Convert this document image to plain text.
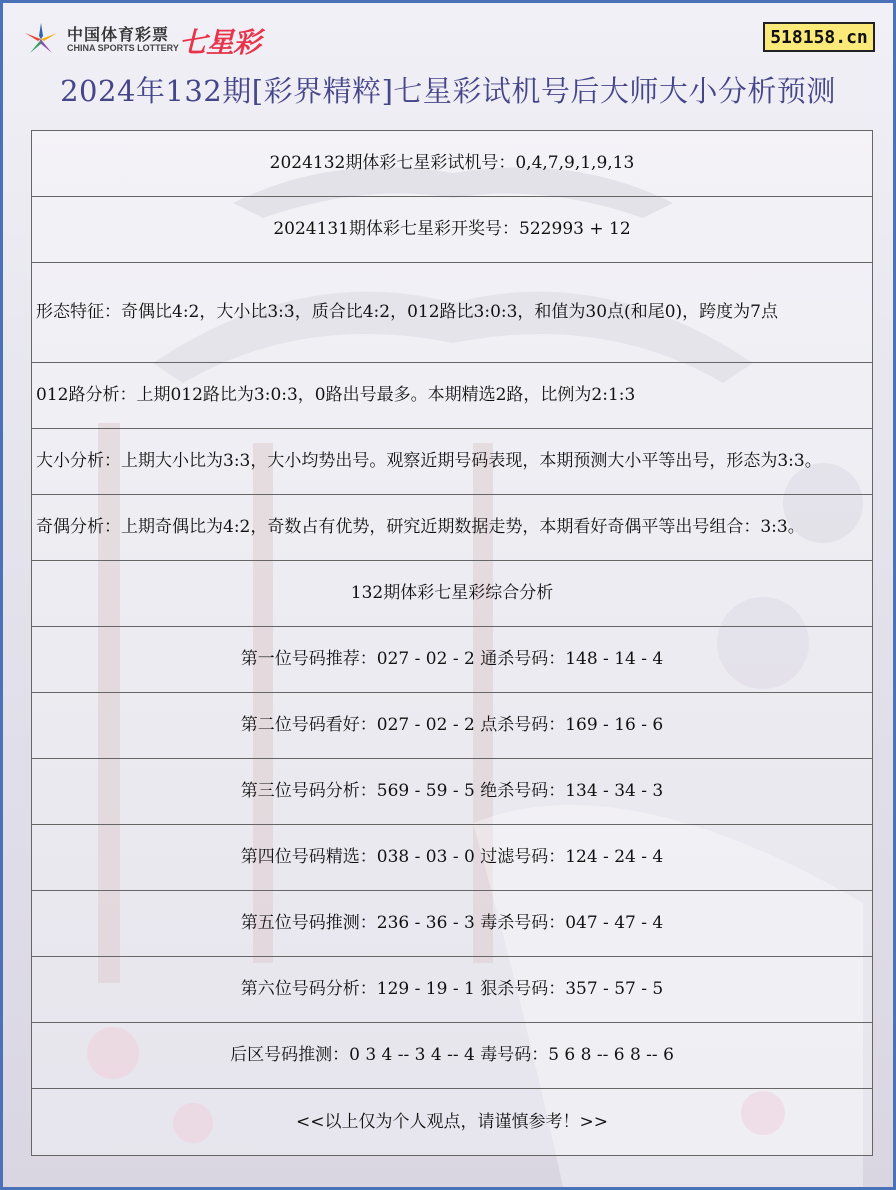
中国体育彩票
CHINA SPORTS LOTTERY 七星彩	518158.cn
2024年132期[彩界精粹]七星彩试机号后大师大小分析预测
2024132期体彩七星彩试机号：0,4,7,9,1,9,13
2024131期体彩七星彩开奖号：522993 + 12
形态特征：奇偶比4:2，大小比3:3，质合比4:2，012路比3:0:3，和值为30点(和尾0)，跨度为7点
012路分析：上期012路比为3:0:3，0路出号最多。本期精选2路，比例为2:1:3
大小分析：上期大小比为3:3，大小均势出号。观察近期号码表现，本期预测大小平等出号，形态为3:3。
奇偶分析：上期奇偶比为4:2，奇数占有优势，研究近期数据走势，本期看好奇偶平等出号组合：3:3。
132期体彩七星彩综合分析
第一位号码推荐：027 - 02 - 2 通杀号码：148 - 14 - 4
第二位号码看好：027 - 02 - 2 点杀号码：169 - 16 - 6
第三位号码分析：569 - 59 - 5 绝杀号码：134 - 34 - 3
第四位号码精选：038 - 03 - 0 过滤号码：124 - 24 - 4
第五位号码推测：236 - 36 - 3 毒杀号码：047 - 47 - 4
第六位号码分析：129 - 19 - 1 狠杀号码：357 - 57 - 5
后区号码推测：0 3 4 -- 3 4 -- 4 毒号码：5 6 8 -- 6 8 -- 6
<<以上仅为个人观点，请谨慎参考！>>
